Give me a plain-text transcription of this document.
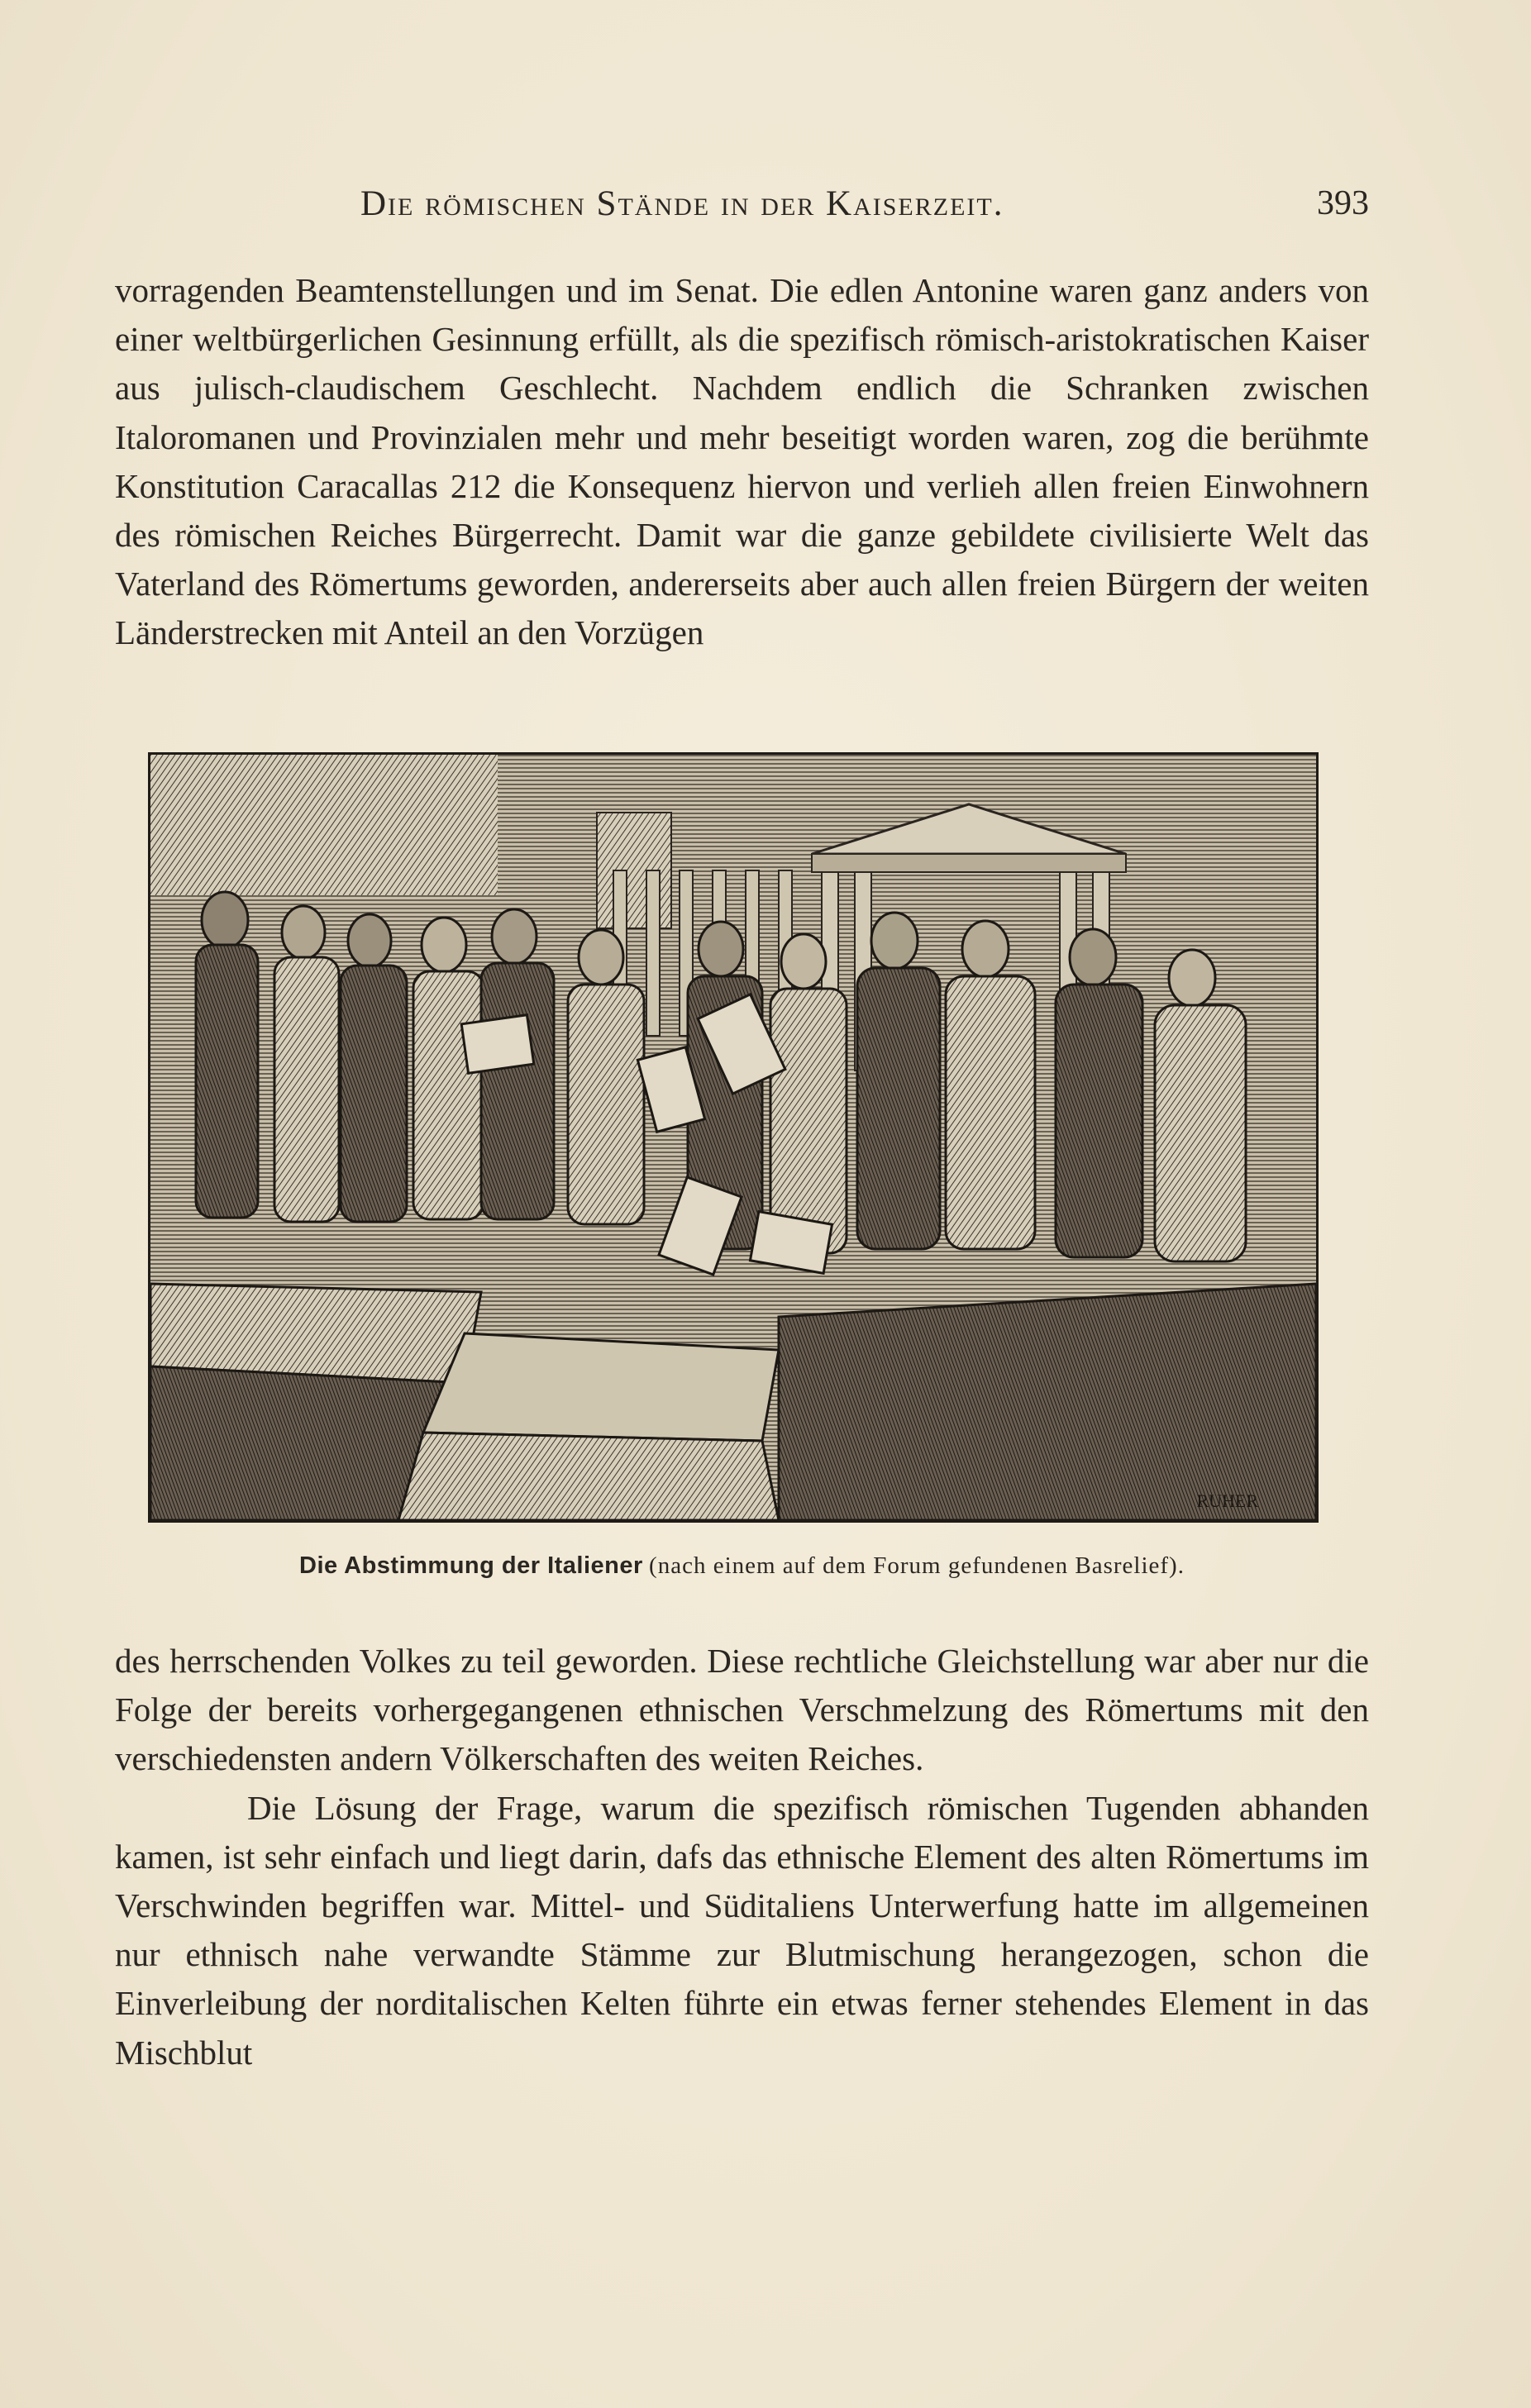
Die römischen Stände in der Kaiserzeit.	393

vorragenden Beamtenstellungen und im Senat. Die edlen Antonine waren ganz anders von einer weltbürgerlichen Gesinnung erfüllt, als die spezifisch römisch-aristokratischen Kaiser aus julisch-claudischem Geschlecht. Nachdem endlich die Schranken zwischen Italoromanen und Provinzialen mehr und mehr beseitigt worden waren, zog die berühmte Konstitution Caracallas 212 die Konsequenz hiervon und verlieh allen freien Einwohnern des römischen Reiches Bürgerrecht. Damit war die ganze gebildete civilisierte Welt das Vaterland des Römertums geworden, andererseits aber auch allen freien Bürgern der weiten Länderstrecken mit Anteil an den Vorzügen

RUHER
Die Abstimmung der Italiener (nach einem auf dem Forum gefundenen Basrelief).

des herrschenden Volkes zu teil geworden. Diese rechtliche Gleichstellung war aber nur die Folge der bereits vorhergegangenen ethnischen Verschmelzung des Römertums mit den verschiedensten andern Völkerschaften des weiten Reiches.

Die Lösung der Frage, warum die spezifisch römischen Tugenden abhanden kamen, ist sehr einfach und liegt darin, dafs das ethnische Element des alten Römertums im Verschwinden begriffen war. Mittel- und Süditaliens Unterwerfung hatte im allgemeinen nur ethnisch nahe verwandte Stämme zur Blutmischung herangezogen, schon die Einverleibung der norditalischen Kelten führte ein etwas ferner stehendes Element in das Mischblut
